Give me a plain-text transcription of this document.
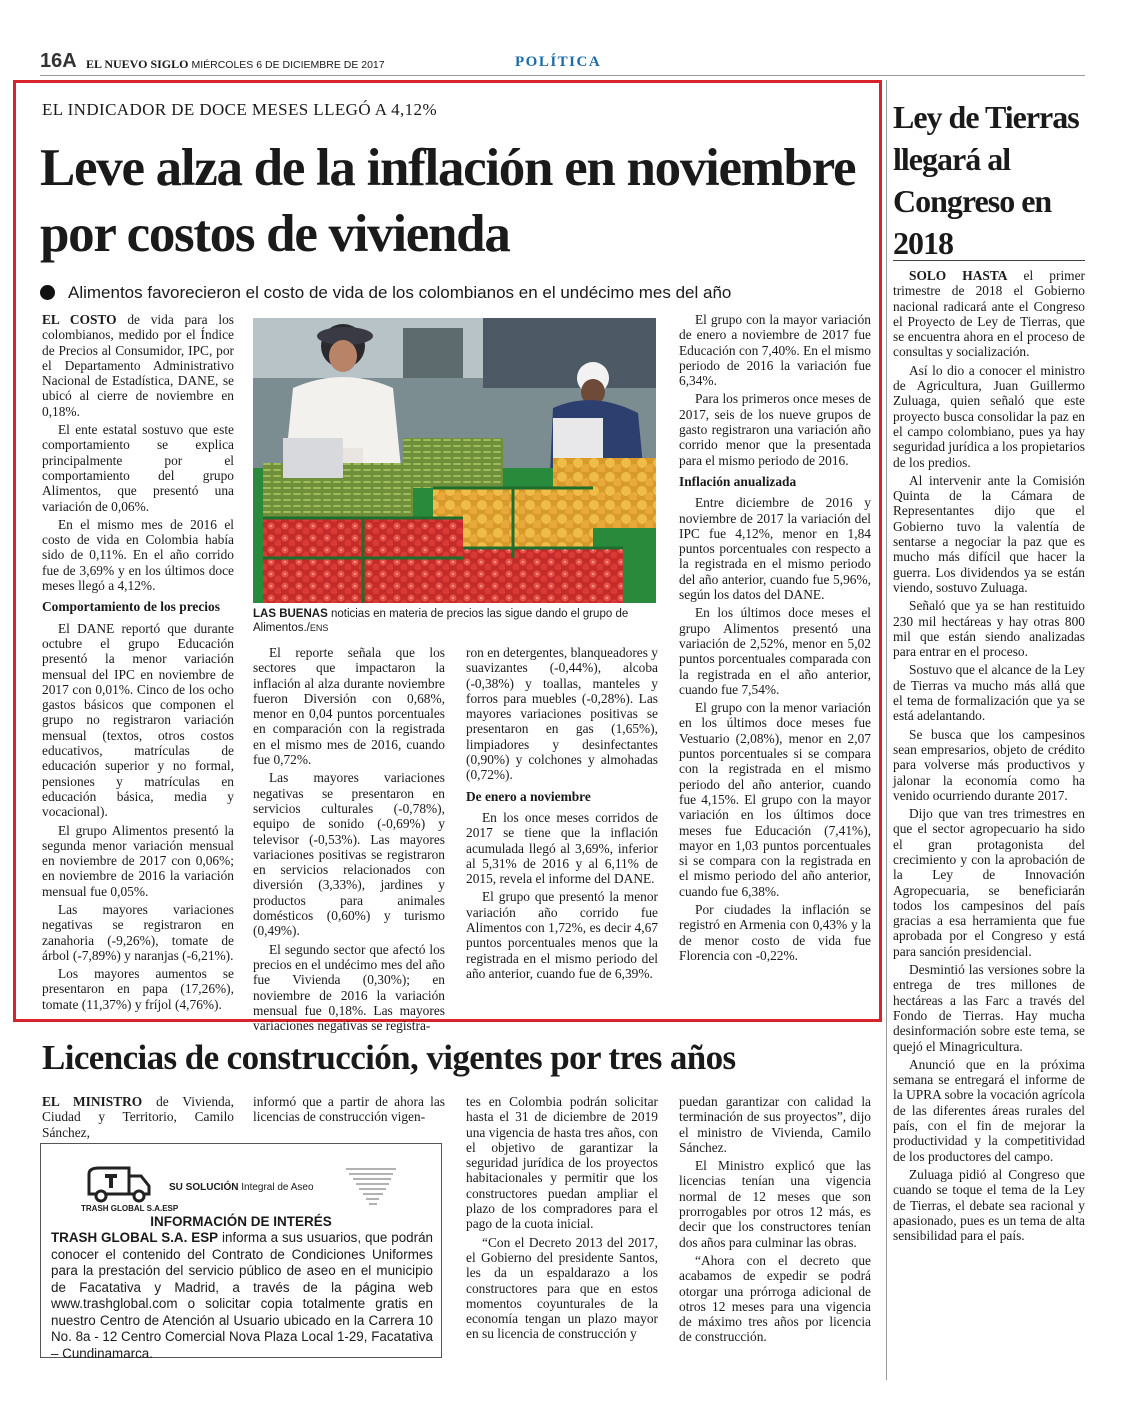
16A EL NUEVO SIGLO MIÉRCOLES 6 DE DICIEMBRE DE 2017	POLÍTICA
EL INDICADOR DE DOCE MESES LLEGÓ A 4,12%
Leve alza de la inflación en noviembre por costos de vivienda
Alimentos favorecieron el costo de vida de los colombianos en el undécimo mes del año

EL COSTO de vida para los colombianos, medido por el Índice de Precios al Consumidor, IPC, por el Departamento Administrativo Nacional de Estadística, DANE, se ubicó al cierre de noviembre en 0,18%.

El ente estatal sostuvo que este comportamiento se explica principalmente por el comportamiento del grupo Alimentos, que presentó una variación de 0,06%.

En el mismo mes de 2016 el costo de vida en Colombia había sido de 0,11%. En el año corrido fue de 3,69% y en los últimos doce meses llegó a 4,12%.

Comportamiento de los precios

El DANE reportó que durante octubre el grupo Educación presentó la menor variación mensual del IPC en noviembre de 2017 con 0,01%. Cinco de los ocho gastos básicos que componen el grupo no registraron variación mensual (textos, otros costos educativos, matrículas de educación superior y no formal, pensiones y matrículas en educación básica, media y vocacional).

El grupo Alimentos presentó la segunda menor variación mensual en noviembre de 2017 con 0,06%; en noviembre de 2016 la variación mensual fue 0,05%.

Las mayores variaciones negativas se registraron en zanahoria (-9,26%), tomate de árbol (-7,89%) y naranjas (-6,21%).

Los mayores aumentos se presentaron en papa (17,26%), tomate (11,37%) y fríjol (4,76%).

LAS BUENAS noticias en materia de precios las sigue dando el grupo de Alimentos./ENS

El reporte señala que los sectores que impactaron la inflación al alza durante noviembre fueron Diversión con 0,68%, menor en 0,04 puntos porcentuales en comparación con la registrada en el mismo mes de 2016, cuando fue 0,72%.

Las mayores variaciones negativas se presentaron en servicios culturales (-0,78%), equipo de sonido (-0,69%) y televisor (-0,53%). Las mayores variaciones positivas se registraron en servicios relacionados con diversión (3,33%), jardines y productos para animales domésticos (0,60%) y turismo (0,49%).

El segundo sector que afectó los precios en el undécimo mes del año fue Vivienda (0,30%); en noviembre de 2016 la variación mensual fue 0,18%. Las mayores variaciones negativas se registra-

ron en detergentes, blanqueadores y suavizantes (-0,44%), alcoba (-0,38%) y toallas, manteles y forros para muebles (-0,28%). Las mayores variaciones positivas se presentaron en gas (1,65%), limpiadores y desinfectantes (0,90%) y colchones y almohadas (0,72%).

De enero a noviembre

En los once meses corridos de 2017 se tiene que la inflación acumulada llegó al 3,69%, inferior al 5,31% de 2016 y al 6,11% de 2015, revela el informe del DANE.

El grupo que presentó la menor variación año corrido fue Alimentos con 1,72%, es decir 4,67 puntos porcentuales menos que la registrada en el mismo periodo del año anterior, cuando fue de 6,39%.

El grupo con la mayor variación de enero a noviembre de 2017 fue Educación con 7,40%. En el mismo periodo de 2016 la variación fue 6,34%.

Para los primeros once meses de 2017, seis de los nueve grupos de gasto registraron una variación año corrido menor que la presentada para el mismo periodo de 2016.

Inflación anualizada

Entre diciembre de 2016 y noviembre de 2017 la variación del IPC fue 4,12%, menor en 1,84 puntos porcentuales con respecto a la registrada en el mismo periodo del año anterior, cuando fue 5,96%, según los datos del DANE.

En los últimos doce meses el grupo Alimentos presentó una variación de 2,52%, menor en 5,02 puntos porcentuales comparada con la registrada en el año anterior, cuando fue 7,54%.

El grupo con la menor variación en los últimos doce meses fue Vestuario (2,08%), menor en 2,07 puntos porcentuales si se compara con la registrada en el mismo periodo del año anterior, cuando fue 4,15%. El grupo con la mayor variación en los últimos doce meses fue Educación (7,41%), mayor en 1,03 puntos porcentuales si se compara con la registrada en el mismo periodo del año anterior, cuando fue 6,38%.

Por ciudades la inflación se registró en Armenia con 0,43% y la de menor costo de vida fue Florencia con -0,22%.

Ley de Tierras llegará al Congreso en 2018

SOLO HASTA el primer trimestre de 2018 el Gobierno nacional radicará ante el Congreso el Proyecto de Ley de Tierras, que se encuentra ahora en el proceso de consultas y socialización.

Así lo dio a conocer el ministro de Agricultura, Juan Guillermo Zuluaga, quien señaló que este proyecto busca consolidar la paz en el campo colombiano, pues ya hay seguridad jurídica a los propietarios de los predios.

Al intervenir ante la Comisión Quinta de la Cámara de Representantes dijo que el Gobierno tuvo la valentía de sentarse a negociar la paz que es mucho más difícil que hacer la guerra. Los dividendos ya se están viendo, sostuvo Zuluaga.

Señaló que ya se han restituido 230 mil hectáreas y hay otras 800 mil que están siendo analizadas para entrar en el proceso.

Sostuvo que el alcance de la Ley de Tierras va mucho más allá que el tema de formalización que ya se está adelantando.

Se busca que los campesinos sean empresarios, objeto de crédito para volverse más productivos y jalonar la economía como ha venido ocurriendo durante 2017.

Dijo que van tres trimestres en que el sector agropecuario ha sido el gran protagonista del crecimiento y con la aprobación de la Ley de Innovación Agropecuaria, se beneficiarán todos los campesinos del país gracias a esa herramienta que fue aprobada por el Congreso y está para sanción presidencial.

Desmintió las versiones sobre la entrega de tres millones de hectáreas a las Farc a través del Fondo de Tierras. Hay mucha desinformación sobre este tema, se quejó el Minagricultura.

Anunció que en la próxima semana se entregará el informe de la UPRA sobre la vocación agrícola de las diferentes áreas rurales del país, con el fin de mejorar la productividad y la competitividad de los productores del campo.

Zuluaga pidió al Congreso que cuando se toque el tema de la Ley de Tierras, el debate sea racional y apasionado, pues es un tema de alta sensibilidad para el país.

Licencias de construcción, vigentes por tres años

EL MINISTRO de Vivienda, Ciudad y Territorio, Camilo Sánchez,

informó que a partir de ahora las licencias de construcción vigen-

tes en Colombia podrán solicitar hasta el 31 de diciembre de 2019 una vigencia de hasta tres años, con el objetivo de garantizar la seguridad jurídica de los proyectos habitacionales y permitir que los constructores puedan ampliar el plazo de los compradores para el pago de la cuota inicial.

“Con el Decreto 2013 del 2017, el Gobierno del presidente Santos, les da un espaldarazo a los constructores para que en estos momentos coyunturales de la economía tengan un plazo mayor en su licencia de construcción y

puedan garantizar con calidad la terminación de sus proyectos”, dijo el ministro de Vivienda, Camilo Sánchez.

El Ministro explicó que las licencias tenían una vigencia normal de 12 meses que son prorrogables por otros 12 más, es decir que los constructores tenían dos años para culminar las obras.

“Ahora con el decreto que acabamos de expedir se podrá otorgar una prórroga adicional de otros 12 meses para una vigencia de máximo tres años por licencia de construcción.

TRASH GLOBAL S.A.ESP
SU SOLUCIÓN Integral de Aseo
INFORMACIÓN DE INTERÉS
TRASH GLOBAL S.A. ESP informa a sus usuarios, que podrán conocer el contenido del Contrato de Condiciones Uniformes para la prestación del servicio público de aseo en el municipio de Facatativa y Madrid, a través de la página web www.trashglobal.com o solicitar copia totalmente gratis en nuestro Centro de Atención al Usuario ubicado en la Carrera 10 No. 8a - 12 Centro Comercial Nova Plaza Local 1-29, Facatativa – Cundinamarca.
